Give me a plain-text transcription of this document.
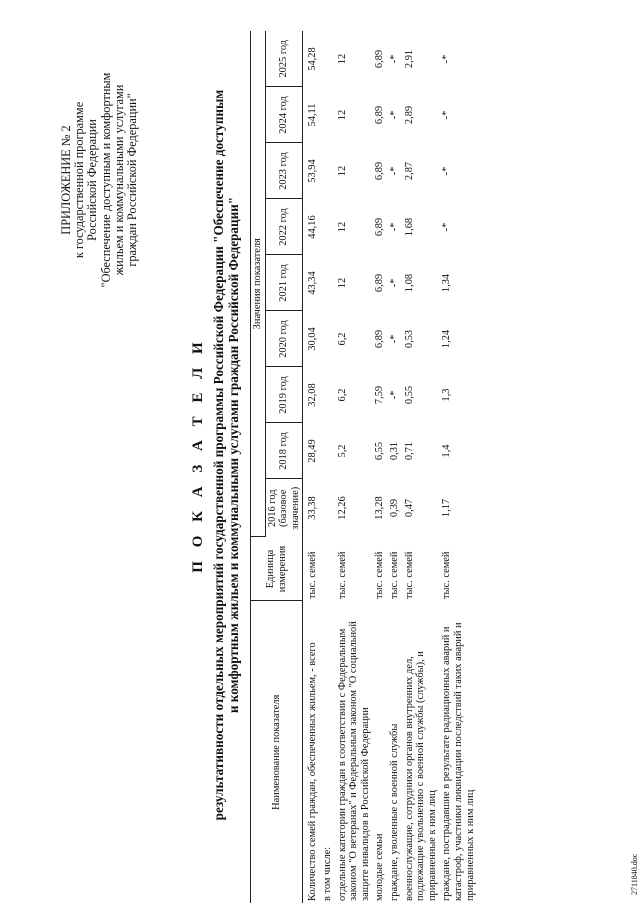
ПРИЛОЖЕНИЕ № 2 к государственной программе Российской Федерации "Обеспечение доступным и комфортным жильем и коммунальными услугами граждан Российской Федерации"
П О К А З А Т Е Л И результативности отдельных мероприятий государственной программы Российской Федерации "Обеспечение доступным и комфортным жильем и коммунальными услугами граждан Российской Федерации"
Наименование показателя	Единица измерения	Значения показателя								
		2016 год (базовое значение)	2018 год	2019 год	2020 год	2021 год	2022 год	2023 год	2024 год	2025 год
Количество семей граждан, обеспеченных жильем, - всего	тыс. семей	33,38	28,49	32,08	30,04	43,34	44,16	53,94	54,11	54,28
в том числе:										
отдельные категории граждан в соответствии с Федеральным законом "О ветеранах" и Федеральным законом "О социальной защите инвалидов в Российской Федерации	тыс. семей	12,26	5,2	6,2	6,2	12	12	12	12	12
молодые семьи	тыс. семей	13,28	6,55	7,59	6,89	6,89	6,89	6,89	6,89	6,89
граждане, уволенные с военной службы	тыс. семей	0,39	0,31	-*	-*	-*	-*	-*	-*	-*
военнослужащие, сотрудники органов внутренних дел, подлежащие увольнению с военной службы (службы), и приравненные к ним лиц	тыс. семей	0,47	0,71	0,55	0,53	1,08	1,68	2,87	2,89	2,91
граждане, пострадавшие в результате радиационных аварий и катастроф, участники ликвидации последствий таких аварий и приравненных к ним лиц	тыс. семей	1,17	1,4	1,3	1,24	1,34	-*	-*	-*	-*
2711840.doc
